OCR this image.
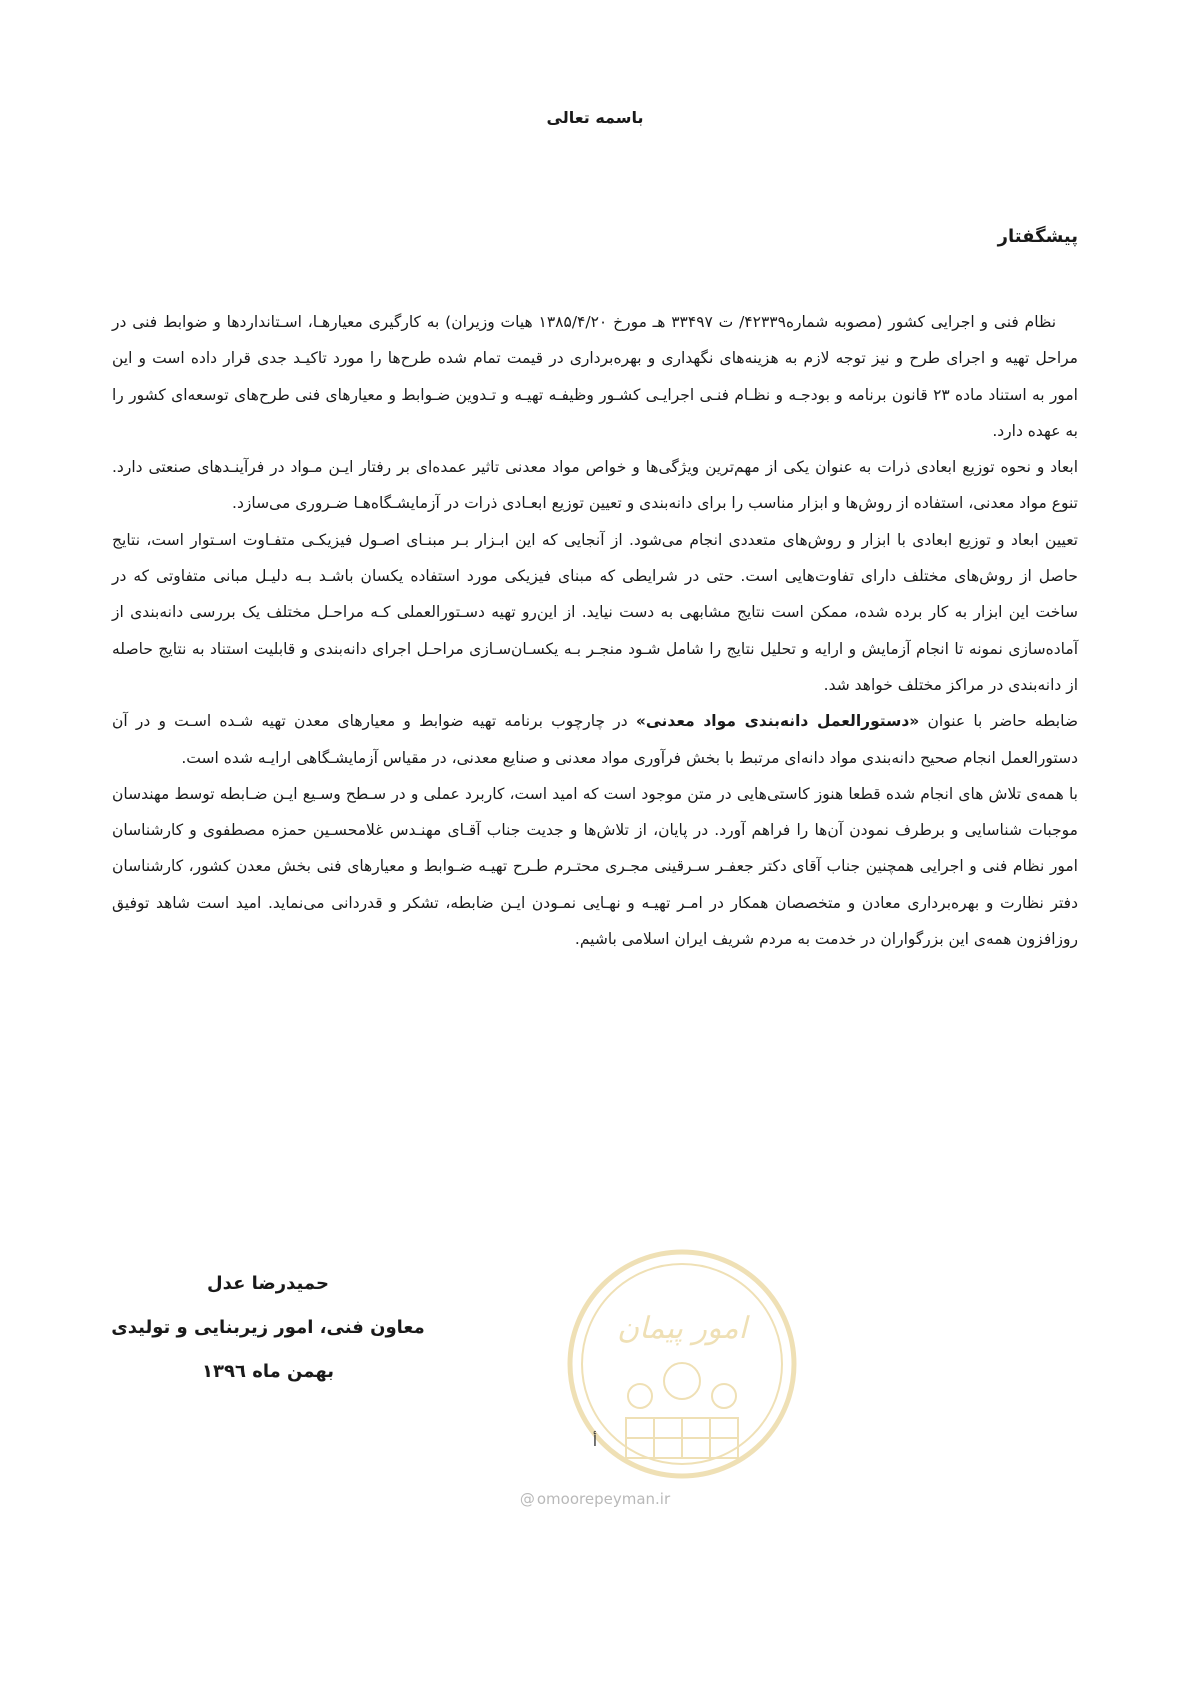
باسمه تعالی
پیشگفتار

نظام فنی و اجرایی کشور (مصوبه شماره۴۲۳۳۹/ ت ۳۳۴۹۷ هـ مورخ ۱۳۸۵/۴/۲۰ هیات وزیران) به کارگیری معیارهـا، اسـتانداردها و ضوابط فنی در مراحل تهیه و اجرای طرح و نیز توجه لازم به هزینه‌های نگهداری و بهره‌برداری در قیمت تمام شده طرح‌ها را مورد تاکیـد جدی قرار داده است و این امور به استناد ماده ۲۳ قانون برنامه و بودجـه و نظـام فنـی اجرایـی کشـور وظیفـه تهیـه و تـدوین ضـوابط و معیارهای فنی طرح‌های توسعه‌ای کشور را به عهده دارد.

ابعاد و نحوه توزیع ابعادی ذرات به عنوان یکی از مهم‌ترین ویژگی‌ها و خواص مواد معدنی تاثیر عمده‌ای بر رفتار ایـن مـواد در فرآینـدهای صنعتی دارد. تنوع مواد معدنی، استفاده از روش‌ها و ابزار مناسب را برای دانه‌بندی و تعیین توزیع ابعـادی ذرات در آزمایشـگاه‌هـا ضـروری می‌سازد.

تعیین ابعاد و توزیع ابعادی با ابزار و روش‌های متعددی انجام می‌شود. از آنجایی که این ابـزار بـر مبنـای اصـول فیزیکـی متفـاوت اسـتوار است، نتایج حاصل از روش‌های مختلف دارای تفاوت‌هایی است. حتی در شرایطی که مبنای فیزیکی مورد استفاده یکسان باشـد بـه دلیـل مبانی متفاوتی که در ساخت این ابزار به کار برده شده، ممکن است نتایج مشابهی به دست نیاید. از این‌رو تهیه دسـتورالعملی کـه مراحـل مختلف یک بررسی دانه‌بندی از آماده‌سازی نمونه تا انجام آزمایش و ارایه و تحلیل نتایج را شامل شـود منجـر بـه یکسـان‌سـازی مراحـل اجرای دانه‌بندی و قابلیت استناد به نتایج حاصله از دانه‌بندی در مراکز مختلف خواهد شد.

ضابطه حاضر با عنوان «دستورالعمل دانه‌بندی مواد معدنی» در چارچوب برنامه تهیه ضوابط و معیارهای معدن تهیه شـده اسـت و در آن دستورالعمل انجام صحیح دانه‌بندی مواد دانه‌ای مرتبط با بخش فرآوری مواد معدنی و صنایع معدنی، در مقیاس آزمایشـگاهی ارایـه شده است.

با همه‌ی تلاش های انجام شده قطعا هنوز کاستی‌هایی در متن موجود است که امید است، کاربرد عملی و در سـطح وسـیع ایـن ضـابطه توسط مهندسان موجبات شناسایی و برطرف نمودن آن‌ها را فراهم آورد. در پایان، از تلاش‌ها و جدیت جناب آقـای مهنـدس غلامحسـین حمزه مصطفوی و کارشناسان امور نظام فنی و اجرایی همچنین جناب آقای دکتر جعفـر سـرقینی مجـری محتـرم طـرح تهیـه ضـوابط و معیارهای فنی بخش معدن کشور، کارشناسان دفتر نظارت و بهره‌برداری معادن و متخصصان همکار در امـر تهیـه و نهـایی نمـودن ایـن ضابطه، تشکر و قدردانی می‌نماید. امید است شاهد توفیق روزافزون همه‌ی این بزرگواران در خدمت به مردم شریف ایران اسلامی باشیم.

حمیدرضا عدل
معاون فنی، امور زیربنایی و تولیدی
بهمن ماه ۱۳۹٦
امور پیمان
أ
@ omoorepeyman.ir
